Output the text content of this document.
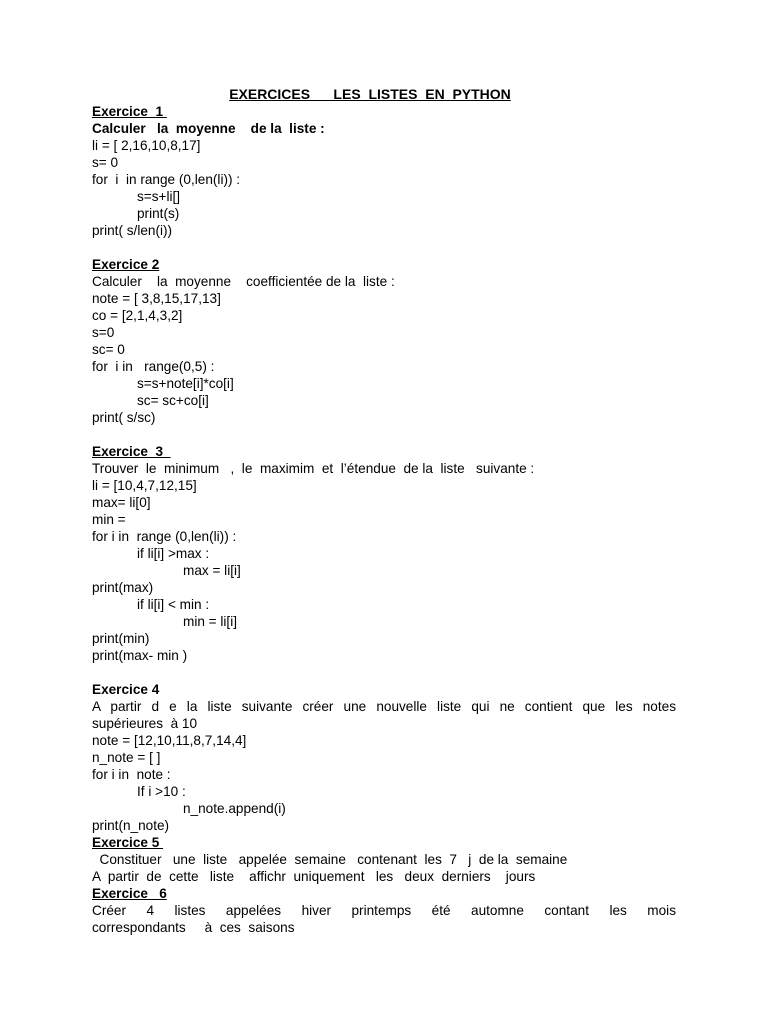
EXERCICES      LES  LISTES  EN  PYTHON
Exercice  1
Calculer   la  moyenne    de la  liste :
li = [ 2,16,10,8,17]
s= 0
for  i  in range (0,len(li)) :
s=s+li[]
print(s)
print( s/len(i))
Exercice 2
Calculer    la  moyenne    coefficientée de la  liste :
note = [ 3,8,15,17,13]
co = [2,1,4,3,2]
s=0
sc= 0
for  i in   range(0,5) :
s=s+note[i]*co[i]
sc= sc+co[i]
print( s/sc)
Exercice  3
Trouver  le  minimum   ,  le  maximim  et  l’étendue  de la  liste   suivante :
li = [10,4,7,12,15]
max= li[0]
min =
for i in  range (0,len(li)) :
if li[i] >max :
max = li[i]
print(max)
if li[i] < min :
min = li[i]
print(min)
print(max- min )
Exercice 4
A partir d e la liste suivante créer une nouvelle liste qui ne contient que les notes
supérieures  à 10
note = [12,10,11,8,7,14,4]
n_note = [ ]
for i in  note :
If i >10 :
n_note.append(i)
print(n_note)
Exercice 5
Constituer   une  liste   appelée  semaine   contenant  les  7   j  de la  semaine
A  partir  de  cette   liste    affichr  uniquement   les   deux  derniers    jours
Exercice   6
Créer 4 listes appelées hiver printemps été automne contant les mois
correspondants     à  ces  saisons
